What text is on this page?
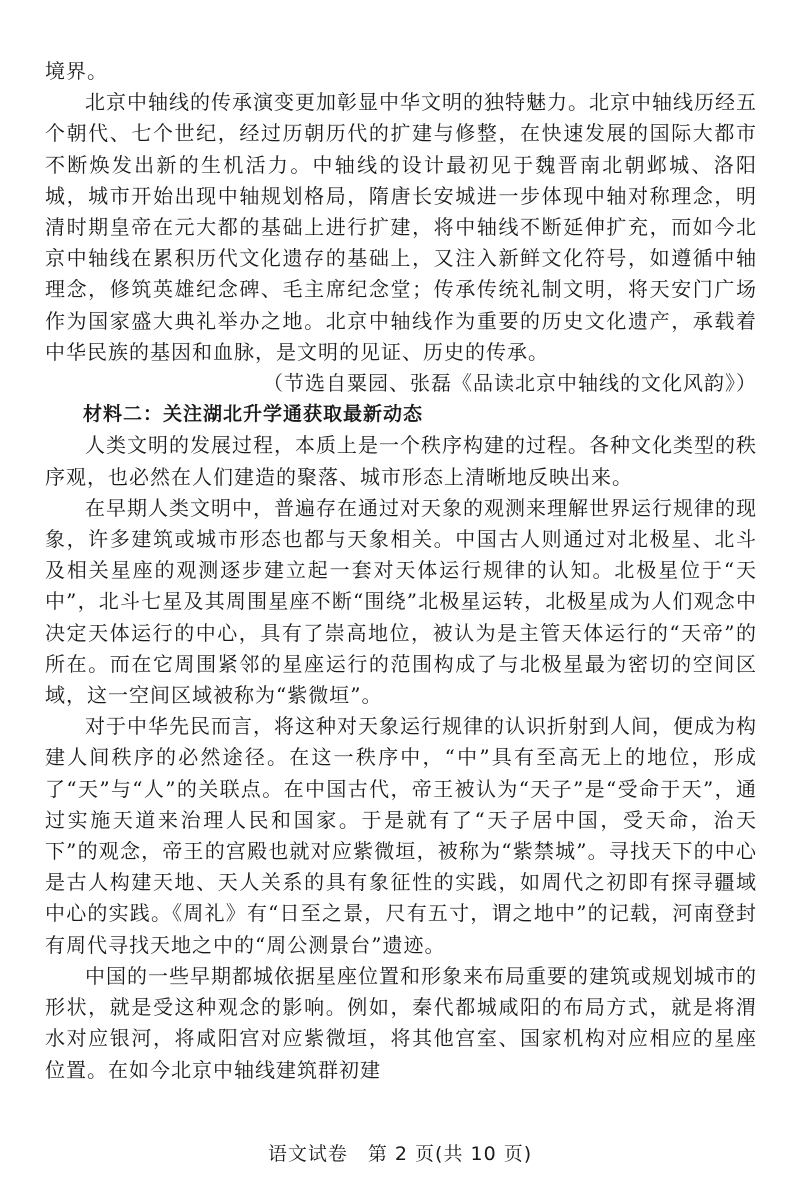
境界。

北京中轴线的传承演变更加彰显中华文明的独特魅力。北京中轴线历经五个朝代、七个世纪，经过历朝历代的扩建与修整，在快速发展的国际大都市不断焕发出新的生机活力。中轴线的设计最初见于魏晋南北朝邺城、洛阳城，城市开始出现中轴规划格局，隋唐长安城进一步体现中轴对称理念，明清时期皇帝在元大都的基础上进行扩建，将中轴线不断延伸扩充，而如今北京中轴线在累积历代文化遗存的基础上，又注入新鲜文化符号，如遵循中轴理念，修筑英雄纪念碑、毛主席纪念堂；传承传统礼制文明，将天安门广场作为国家盛大典礼举办之地。北京中轴线作为重要的历史文化遗产，承载着中华民族的基因和血脉，是文明的见证、历史的传承。

（节选自粟园、张磊《品读北京中轴线的文化风韵》）

材料二：关注湖北升学通获取最新动态

人类文明的发展过程，本质上是一个秩序构建的过程。各种文化类型的秩序观，也必然在人们建造的聚落、城市形态上清晰地反映出来。

在早期人类文明中，普遍存在通过对天象的观测来理解世界运行规律的现象，许多建筑或城市形态也都与天象相关。中国古人则通过对北极星、北斗及相关星座的观测逐步建立起一套对天体运行规律的认知。北极星位于“天中”，北斗七星及其周围星座不断“围绕”北极星运转，北极星成为人们观念中决定天体运行的中心，具有了崇高地位，被认为是主管天体运行的“天帝”的所在。而在它周围紧邻的星座运行的范围构成了与北极星最为密切的空间区域，这一空间区域被称为“紫微垣”。

对于中华先民而言，将这种对天象运行规律的认识折射到人间，便成为构建人间秩序的必然途径。在这一秩序中，“中”具有至高无上的地位，形成了“天”与“人”的关联点。在中国古代，帝王被认为“天子”是“受命于天”，通过实施天道来治理人民和国家。于是就有了“天子居中国，受天命，治天下”的观念，帝王的宫殿也就对应紫微垣，被称为“紫禁城”。寻找天下的中心是古人构建天地、天人关系的具有象征性的实践，如周代之初即有探寻疆域中心的实践。《周礼》有“日至之景，尺有五寸，谓之地中”的记载，河南登封有周代寻找天地之中的“周公测景台”遗迹。

中国的一些早期都城依据星座位置和形象来布局重要的建筑或规划城市的形状，就是受这种观念的影响。例如，秦代都城咸阳的布局方式，就是将渭水对应银河，将咸阳宫对应紫微垣，将其他宫室、国家机构对应相应的星座位置。在如今北京中轴线建筑群初建

语文试卷　第 2 页(共 10 页)
